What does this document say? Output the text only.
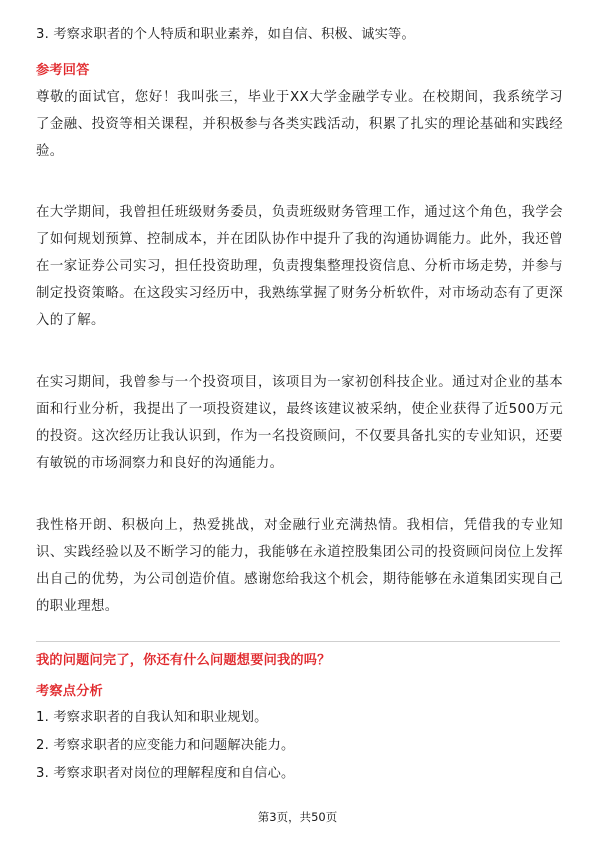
3. 考察求职者的个人特质和职业素养，如自信、积极、诚实等。
参考回答

尊敬的面试官，您好！我叫张三，毕业于XX大学金融学专业。在校期间，我系统学习了金融、投资等相关课程，并积极参与各类实践活动，积累了扎实的理论基础和实践经验。

在大学期间，我曾担任班级财务委员，负责班级财务管理工作，通过这个角色，我学会了如何规划预算、控制成本，并在团队协作中提升了我的沟通协调能力。此外，我还曾在一家证券公司实习，担任投资助理，负责搜集整理投资信息、分析市场走势，并参与制定投资策略。在这段实习经历中，我熟练掌握了财务分析软件，对市场动态有了更深入的了解。

在实习期间，我曾参与一个投资项目，该项目为一家初创科技企业。通过对企业的基本面和行业分析，我提出了一项投资建议，最终该建议被采纳，使企业获得了近500万元的投资。这次经历让我认识到，作为一名投资顾问，不仅要具备扎实的专业知识，还要有敏锐的市场洞察力和良好的沟通能力。

我性格开朗、积极向上，热爱挑战，对金融行业充满热情。我相信，凭借我的专业知识、实践经验以及不断学习的能力，我能够在永道控股集团公司的投资顾问岗位上发挥出自己的优势，为公司创造价值。感谢您给我这个机会，期待能够在永道集团实现自己的职业理想。

我的问题问完了，你还有什么问题想要问我的吗？
考察点分析
1. 考察求职者的自我认知和职业规划。
2. 考察求职者的应变能力和问题解决能力。
3. 考察求职者对岗位的理解程度和自信心。
第3页，共50页
